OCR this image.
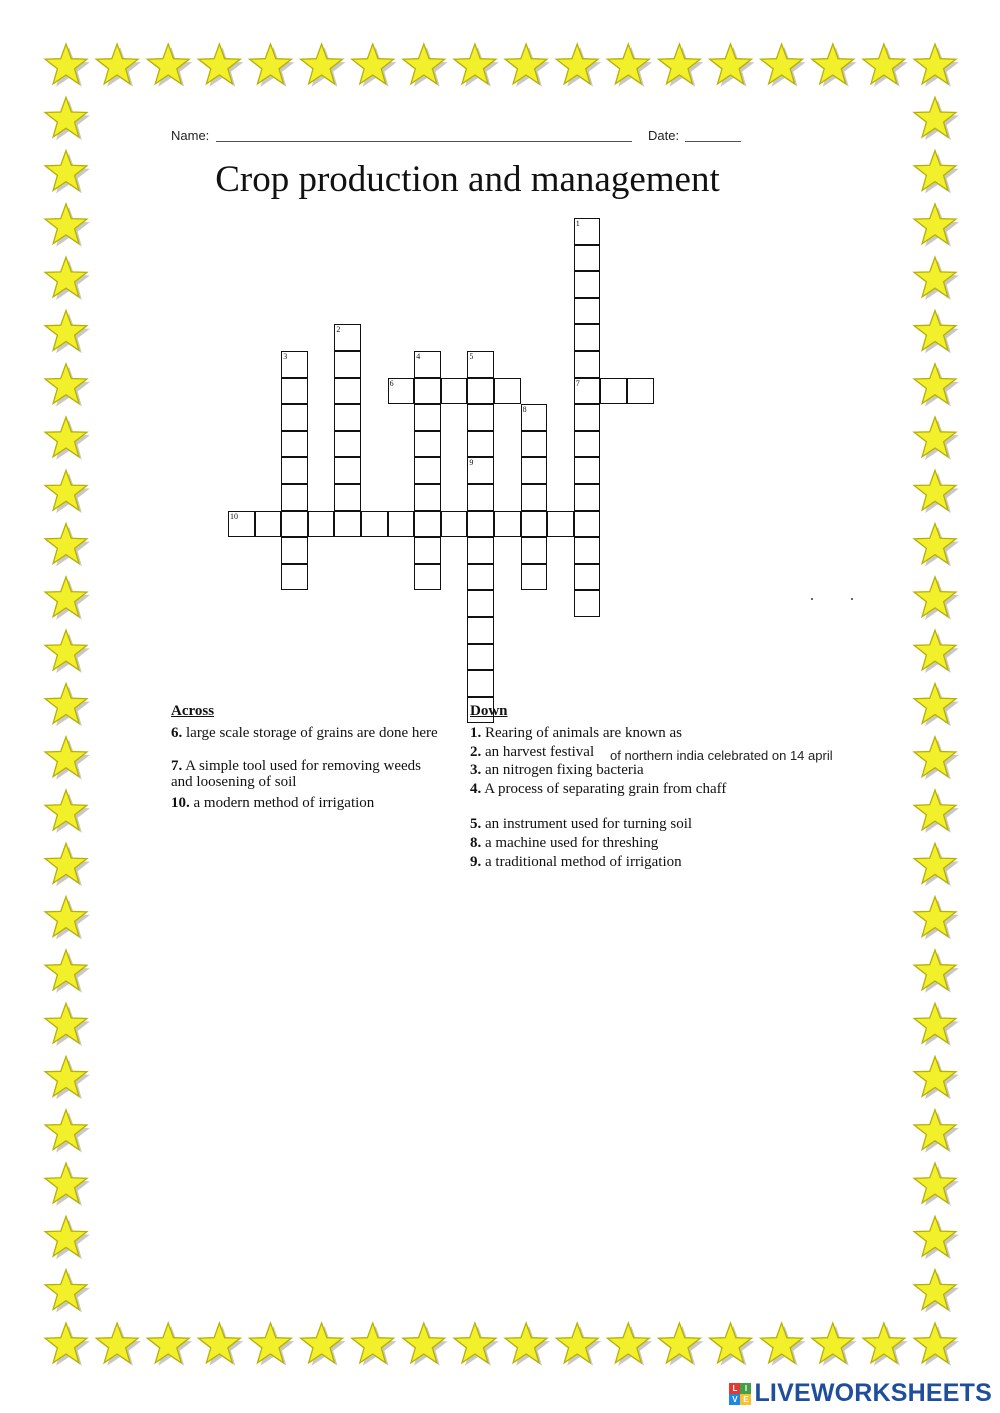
Name:	Date:
Crop production and management
1
2
3	4	5
6	7
8
9
10
Across	Down
6. large scale storage of grains are done here
7. A simple tool used for removing weeds and loosening of soil
10. a modern method of irrigation
1. Rearing of animals are known as
2. an harvest festival	of northern india celebrated on 14 april
3. an nitrogen fixing bacteria
4. A process of separating grain from chaff
5. an instrument used for turning soil
8. a machine used for threshing
9. a traditional method of irrigation
L I
V E LIVEWORKSHEETS
